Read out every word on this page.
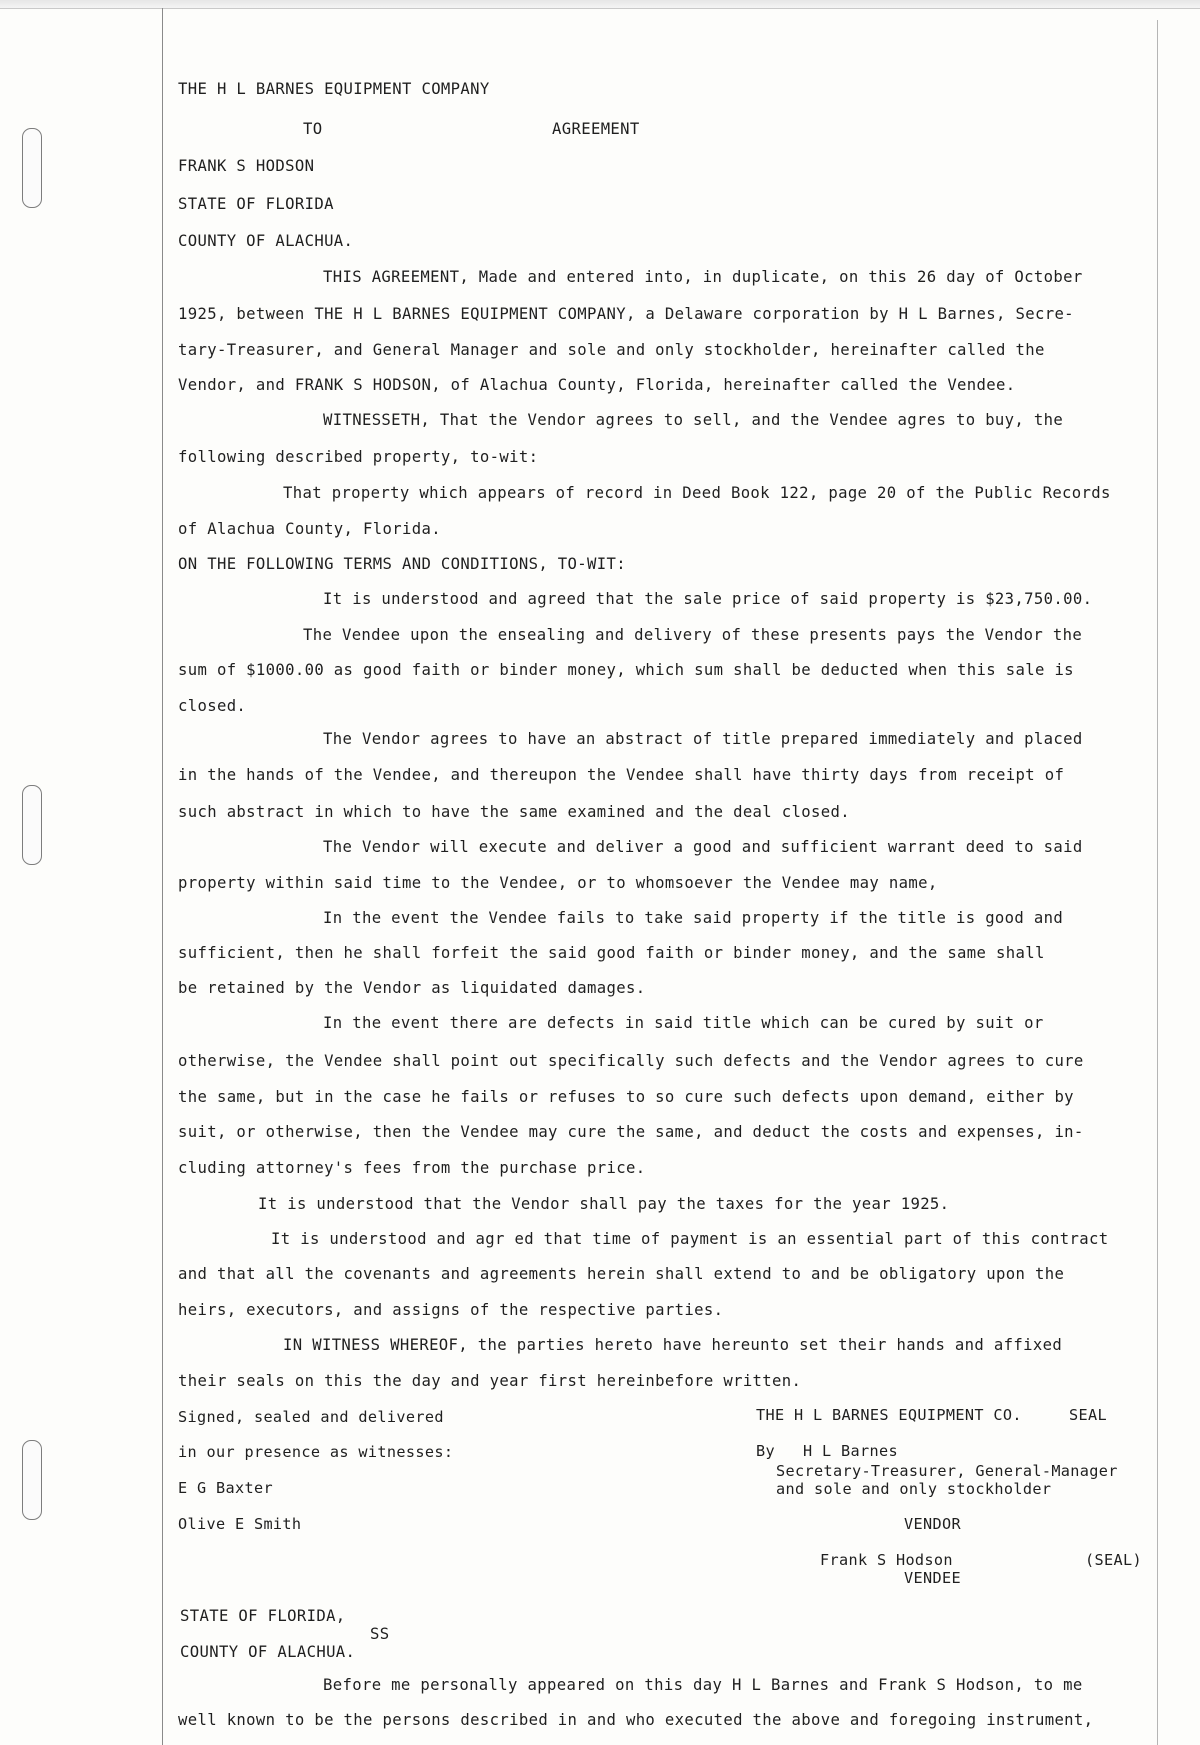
THE H L BARNES EQUIPMENT COMPANY
TO	AGREEMENT
FRANK S HODSON
STATE OF FLORIDA
COUNTY OF ALACHUA.
THIS AGREEMENT, Made and entered into, in duplicate, on this 26 day of October
1925, between THE H L BARNES EQUIPMENT COMPANY, a Delaware corporation by H L Barnes, Secre-
tary-Treasurer, and General Manager and sole and only stockholder, hereinafter called the
Vendor, and FRANK S HODSON, of Alachua County, Florida, hereinafter called the Vendee.
WITNESSETH, That the Vendor agrees to sell, and the Vendee agres to buy, the
following described property, to-wit:
That property which appears of record in Deed Book 122, page 20 of the Public Records
of Alachua County, Florida.
ON THE FOLLOWING TERMS AND CONDITIONS, TO-WIT:
It is understood and agreed that the sale price of said property is $23,750.00.
The Vendee upon the ensealing and delivery of these presents pays the Vendor the
sum of $1000.00 as good faith or binder money, which sum shall be deducted when this sale is
closed.
The Vendor agrees to have an abstract of title prepared immediately and placed
in the hands of the Vendee, and thereupon the Vendee shall have thirty days from receipt of
such abstract in which to have the same examined and the deal closed.
The Vendor will execute and deliver a good and sufficient warrant deed to said
property within said time to the Vendee, or to whomsoever the Vendee may name,
In the event the Vendee fails to take said property if the title is good and
sufficient, then he shall forfeit the said good faith or binder money, and the same shall
be retained by the Vendor as liquidated damages.
In the event there are defects in said title which can be cured by suit or
otherwise, the Vendee shall point out specifically such defects and the Vendor agrees to cure
the same, but in the case he fails or refuses to so cure such defects upon demand, either by
suit, or otherwise, then the Vendee may cure the same, and deduct the costs and expenses, in-
cluding attorney's fees from the purchase price.
It is understood that the Vendor shall pay the taxes for the year 1925.
It is understood and agr ed that time of payment is an essential part of this contract
and that all the covenants and agreements herein shall extend to and be obligatory upon the
heirs, executors, and assigns of the respective parties.
IN WITNESS WHEREOF, the parties hereto have hereunto set their hands and affixed
their seals on this the day and year first hereinbefore written.
Signed, sealed and delivered
in our presence as witnesses:
E G Baxter
Olive E Smith
THE H L BARNES EQUIPMENT CO.	SEAL
By H L Barnes
Secretary-Treasurer, General-Manager
and sole and only stockholder
VENDOR
Frank S Hodson	(SEAL)
VENDEE
STATE OF FLORIDA,
SS
COUNTY OF ALACHUA.
Before me personally appeared on this day H L Barnes and Frank S Hodson, to me
well known to be the persons described in and who executed the above and foregoing instrument,
